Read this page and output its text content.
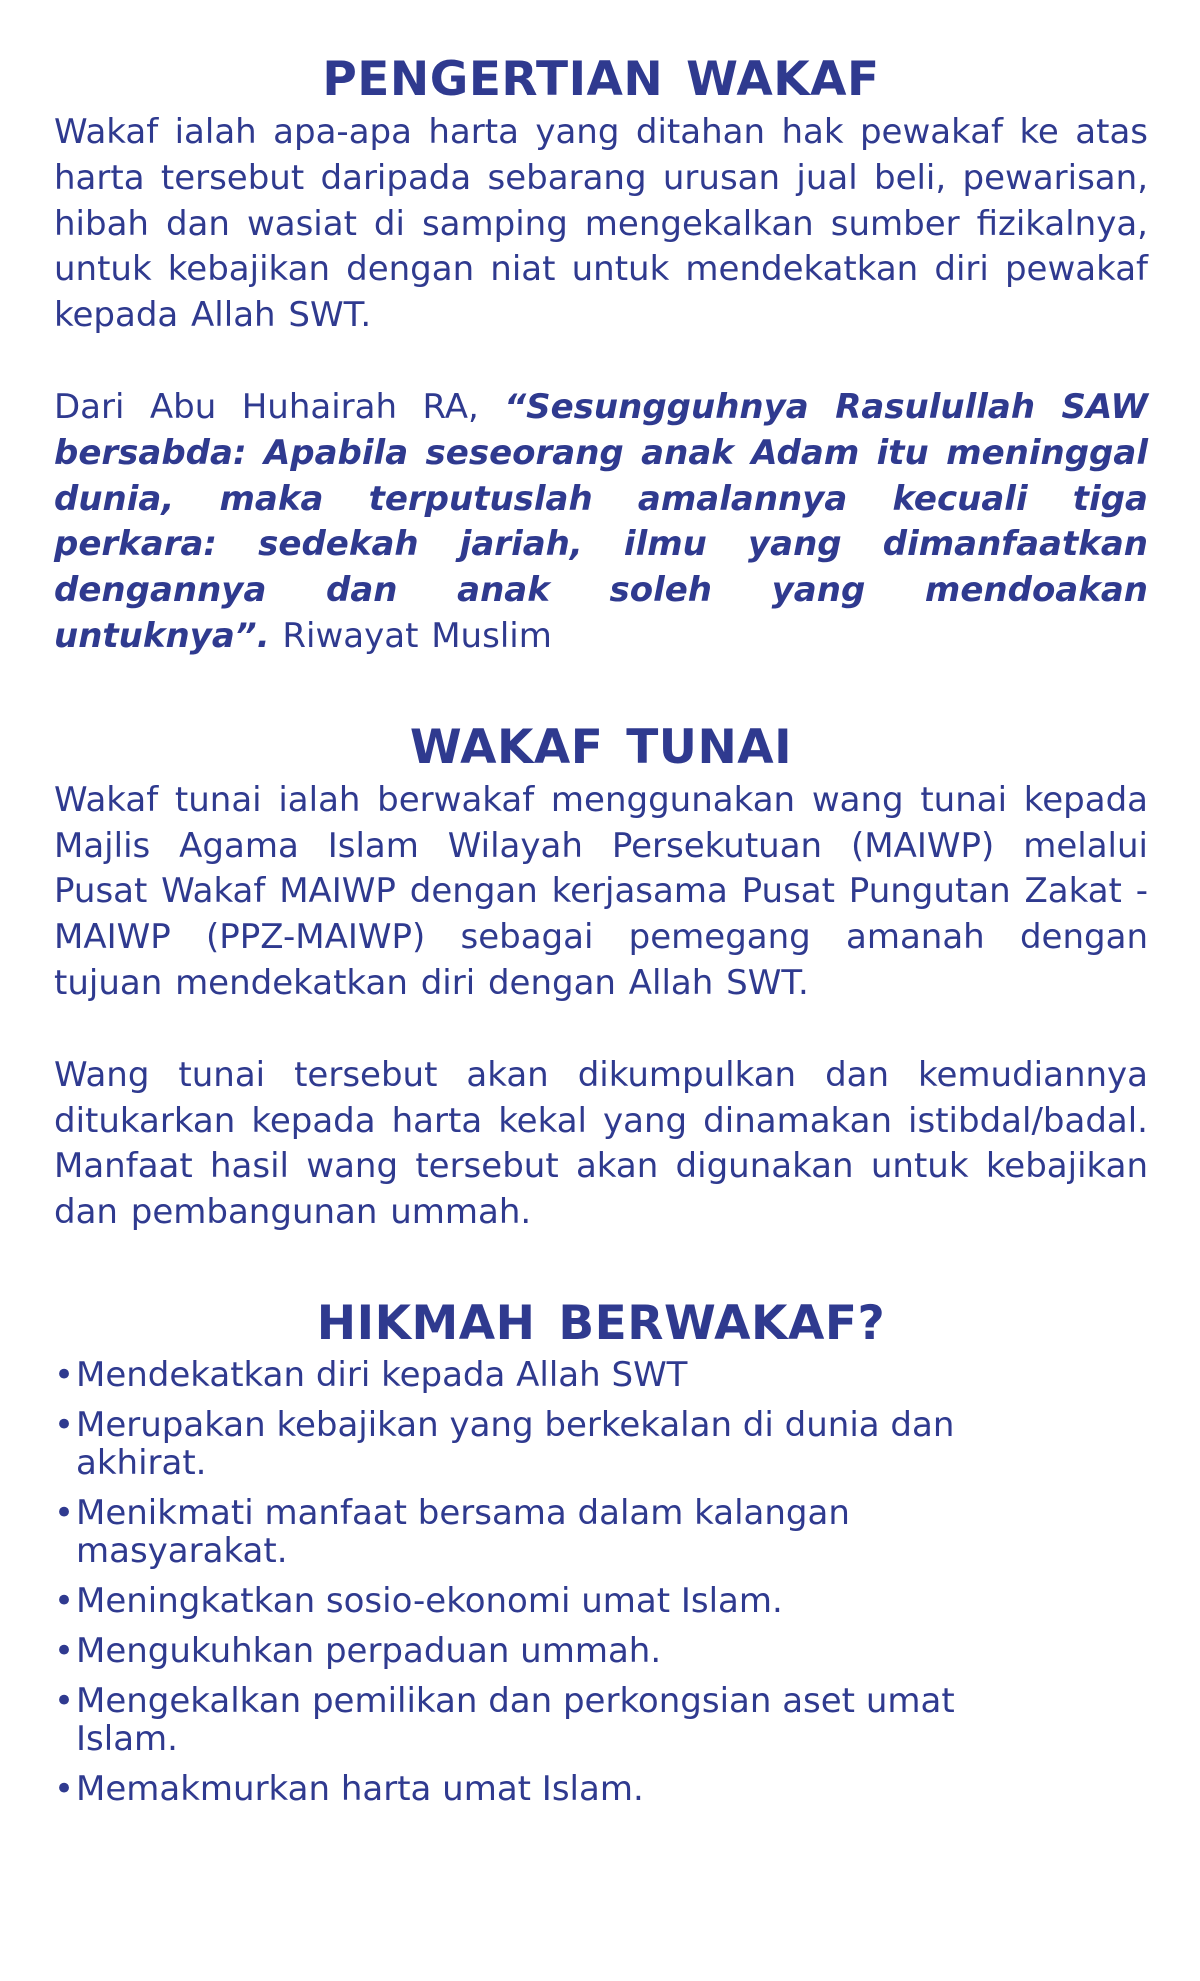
PENGERTIAN WAKAF

Wakaf ialah apa-apa harta yang ditahan hak pewakaf ke atas harta tersebut daripada sebarang urusan jual beli, pewarisan, hibah dan wasiat di samping mengekalkan sumber fizikalnya, untuk kebajikan dengan niat untuk mendekatkan diri pewakaf kepada Allah SWT.

Dari Abu Huhairah RA, “Sesungguhnya Rasulullah SAW bersabda: Apabila seseorang anak Adam itu meninggal dunia, maka terputuslah amalannya kecuali tiga perkara: sedekah jariah, ilmu yang dimanfaatkan dengannya dan anak soleh yang mendoakan untuknya”. Riwayat Muslim

WAKAF TUNAI

Wakaf tunai ialah berwakaf menggunakan wang tunai kepada Majlis Agama Islam Wilayah Persekutuan (MAIWP) melalui Pusat Wakaf MAIWP dengan kerjasama Pusat Pungutan Zakat -MAIWP (PPZ-MAIWP) sebagai pemegang amanah dengan tujuan mendekatkan diri dengan Allah SWT.

Wang tunai tersebut akan dikumpulkan dan kemudiannya ditukarkan kepada harta kekal yang dinamakan istibdal/badal. Manfaat hasil wang tersebut akan digunakan untuk kebajikan dan pembangunan ummah.

HIKMAH BERWAKAF?
• Mendekatkan diri kepada Allah SWT
• Merupakan kebajikan yang berkekalan di dunia dan akhirat.
• Menikmati manfaat bersama dalam kalangan masyarakat.
• Meningkatkan sosio-ekonomi umat Islam.
• Mengukuhkan perpaduan ummah.
• Mengekalkan pemilikan dan perkongsian aset umat Islam.
• Memakmurkan harta umat Islam.
